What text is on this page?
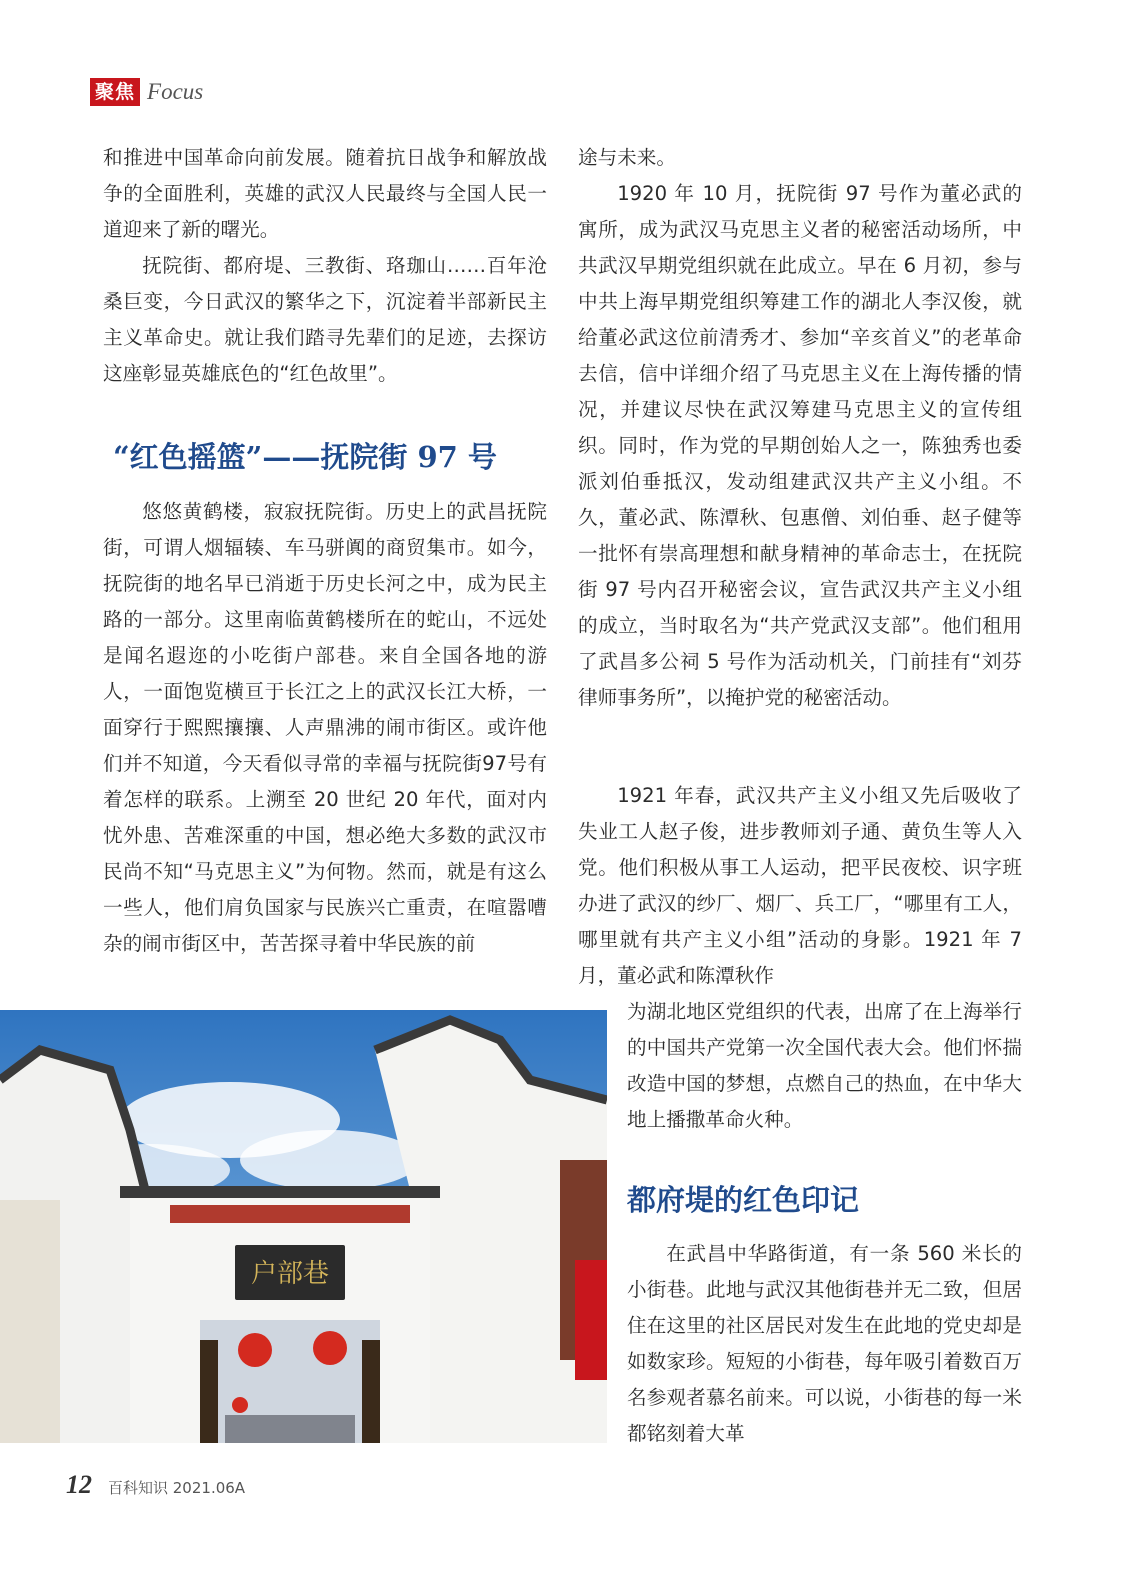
聚焦 Focus

和推进中国革命向前发展。随着抗日战争和解放战争的全面胜利，英雄的武汉人民最终与全国人民一道迎来了新的曙光。

抚院街、都府堤、三教街、珞珈山……百年沧桑巨变，今日武汉的繁华之下，沉淀着半部新民主主义革命史。就让我们踏寻先辈们的足迹，去探访这座彰显英雄底色的“红色故里”。

“红色摇篮”——抚院街 97 号

悠悠黄鹤楼，寂寂抚院街。历史上的武昌抚院街，可谓人烟辐辏、车马骈阗的商贸集市。如今，抚院街的地名早已消逝于历史长河之中，成为民主路的一部分。这里南临黄鹤楼所在的蛇山，不远处是闻名遐迩的小吃街户部巷。来自全国各地的游人，一面饱览横亘于长江之上的武汉长江大桥，一面穿行于熙熙攘攘、人声鼎沸的闹市街区。或许他们并不知道，今天看似寻常的幸福与抚院街97号有着怎样的联系。上溯至 20 世纪 20 年代，面对内忧外患、苦难深重的中国，想必绝大多数的武汉市民尚不知“马克思主义”为何物。然而，就是有这么一些人，他们肩负国家与民族兴亡重责，在喧嚣嘈杂的闹市街区中，苦苦探寻着中华民族的前

途与未来。

1920 年 10 月，抚院街 97 号作为董必武的寓所，成为武汉马克思主义者的秘密活动场所，中共武汉早期党组织就在此成立。早在 6 月初，参与中共上海早期党组织筹建工作的湖北人李汉俊，就给董必武这位前清秀才、参加“辛亥首义”的老革命去信，信中详细介绍了马克思主义在上海传播的情况，并建议尽快在武汉筹建马克思主义的宣传组织。同时，作为党的早期创始人之一，陈独秀也委派刘伯垂抵汉，发动组建武汉共产主义小组。不久，董必武、陈潭秋、包惠僧、刘伯垂、赵子健等一批怀有崇高理想和献身精神的革命志士，在抚院街 97 号内召开秘密会议，宣告武汉共产主义小组的成立，当时取名为“共产党武汉支部”。他们租用了武昌多公祠 5 号作为活动机关，门前挂有“刘芬律师事务所”，以掩护党的秘密活动。

1921 年春，武汉共产主义小组又先后吸收了失业工人赵子俊，进步教师刘子通、黄负生等人入党。他们积极从事工人运动，把平民夜校、识字班办进了武汉的纱厂、烟厂、兵工厂，“哪里有工人，哪里就有共产主义小组”活动的身影。1921 年 7 月，董必武和陈潭秋作

为湖北地区党组织的代表，出席了在上海举行的中国共产党第一次全国代表大会。他们怀揣改造中国的梦想，点燃自己的热血，在中华大地上播撒革命火种。

都府堤的红色印记

在武昌中华路街道，有一条 560 米长的小街巷。此地与武汉其他街巷并无二致，但居住在这里的社区居民对发生在此地的党史却是如数家珍。短短的小街巷，每年吸引着数百万名参观者慕名前来。可以说，小街巷的每一米都铭刻着大革

户部巷
12 百科知识 2021.06A
